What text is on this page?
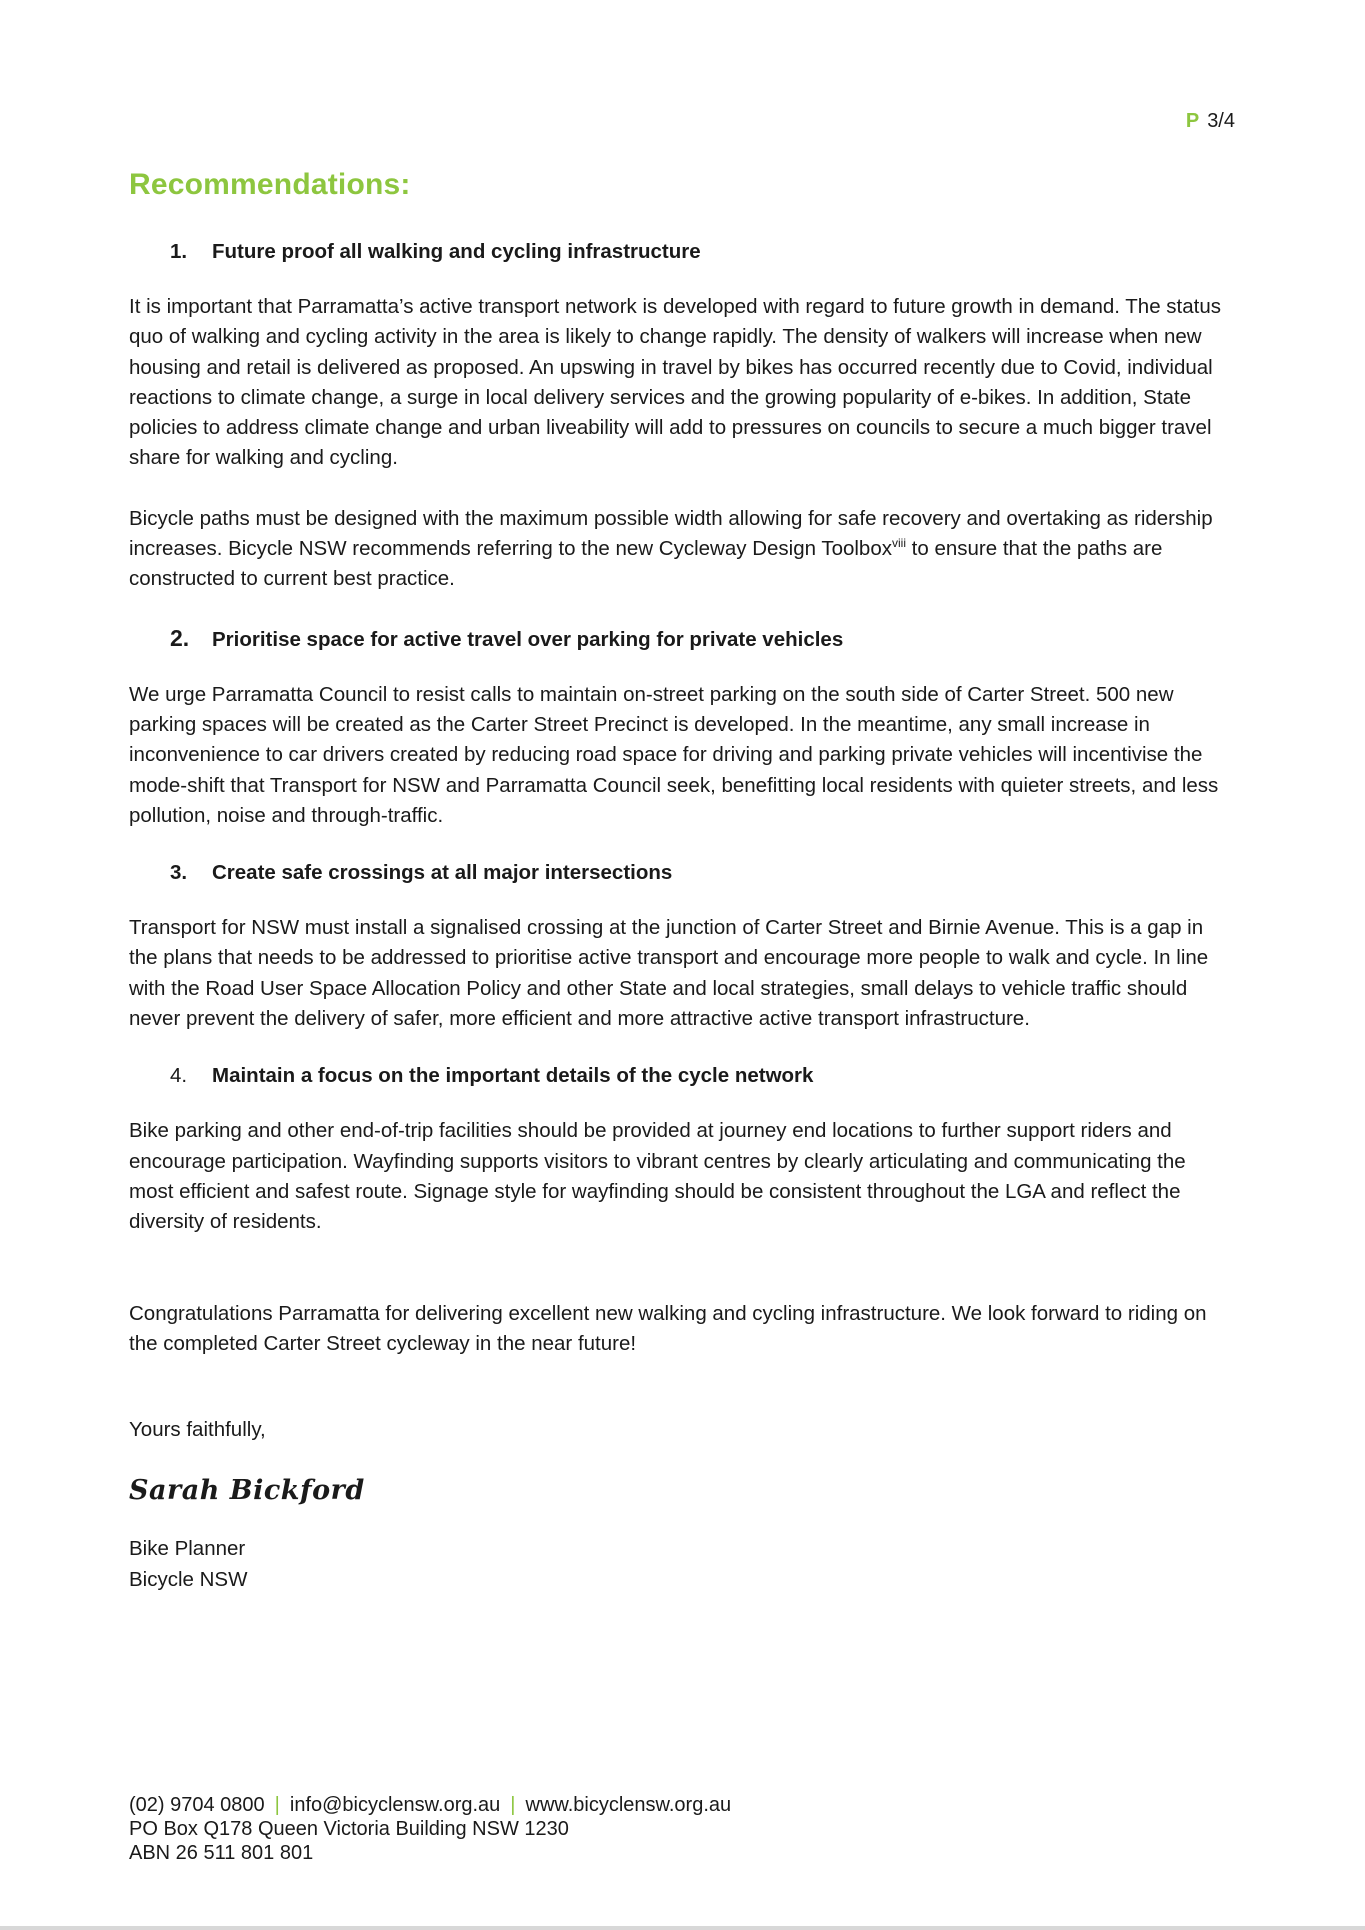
P 3/4
Recommendations:
1.	Future proof all walking and cycling infrastructure

It is important that Parramatta’s active transport network is developed with regard to future growth in demand. The status quo of walking and cycling activity in the area is likely to change rapidly. The density of walkers will increase when new housing and retail is delivered as proposed. An upswing in travel by bikes has occurred recently due to Covid, individual reactions to climate change, a surge in local delivery services and the growing popularity of e-bikes. In addition, State policies to address climate change and urban liveability will add to pressures on councils to secure a much bigger travel share for walking and cycling.

Bicycle paths must be designed with the maximum possible width allowing for safe recovery and overtaking as ridership increases. Bicycle NSW recommends referring to the new Cycleway Design Toolbox$^{viii}$ to ensure that the paths are constructed to current best practice.

2.	Prioritise space for active travel over parking for private vehicles

We urge Parramatta Council to resist calls to maintain on-street parking on the south side of Carter Street. 500 new parking spaces will be created as the Carter Street Precinct is developed. In the meantime, any small increase in inconvenience to car drivers created by reducing road space for driving and parking private vehicles will incentivise the mode-shift that Transport for NSW and Parramatta Council seek, benefitting local residents with quieter streets, and less pollution, noise and through-traffic.

3.	Create safe crossings at all major intersections

Transport for NSW must install a signalised crossing at the junction of Carter Street and Birnie Avenue. This is a gap in the plans that needs to be addressed to prioritise active transport and encourage more people to walk and cycle. In line with the Road User Space Allocation Policy and other State and local strategies, small delays to vehicle traffic should never prevent the delivery of safer, more efficient and more attractive active transport infrastructure.

4.	Maintain a focus on the important details of the cycle network

Bike parking and other end-of-trip facilities should be provided at journey end locations to further support riders and encourage participation. Wayfinding supports visitors to vibrant centres by clearly articulating and communicating the most efficient and safest route. Signage style for wayfinding should be consistent throughout the LGA and reflect the diversity of residents.

Congratulations Parramatta for delivering excellent new walking and cycling infrastructure. We look forward to riding on the completed Carter Street cycleway in the near future!

Yours faithfully,

Sarah Bickford

Bike Planner

Bicycle NSW

(02) 9704 0800 | info@bicyclensw.org.au | www.bicyclensw.org.au
PO Box Q178 Queen Victoria Building NSW 1230
ABN 26 511 801 801
